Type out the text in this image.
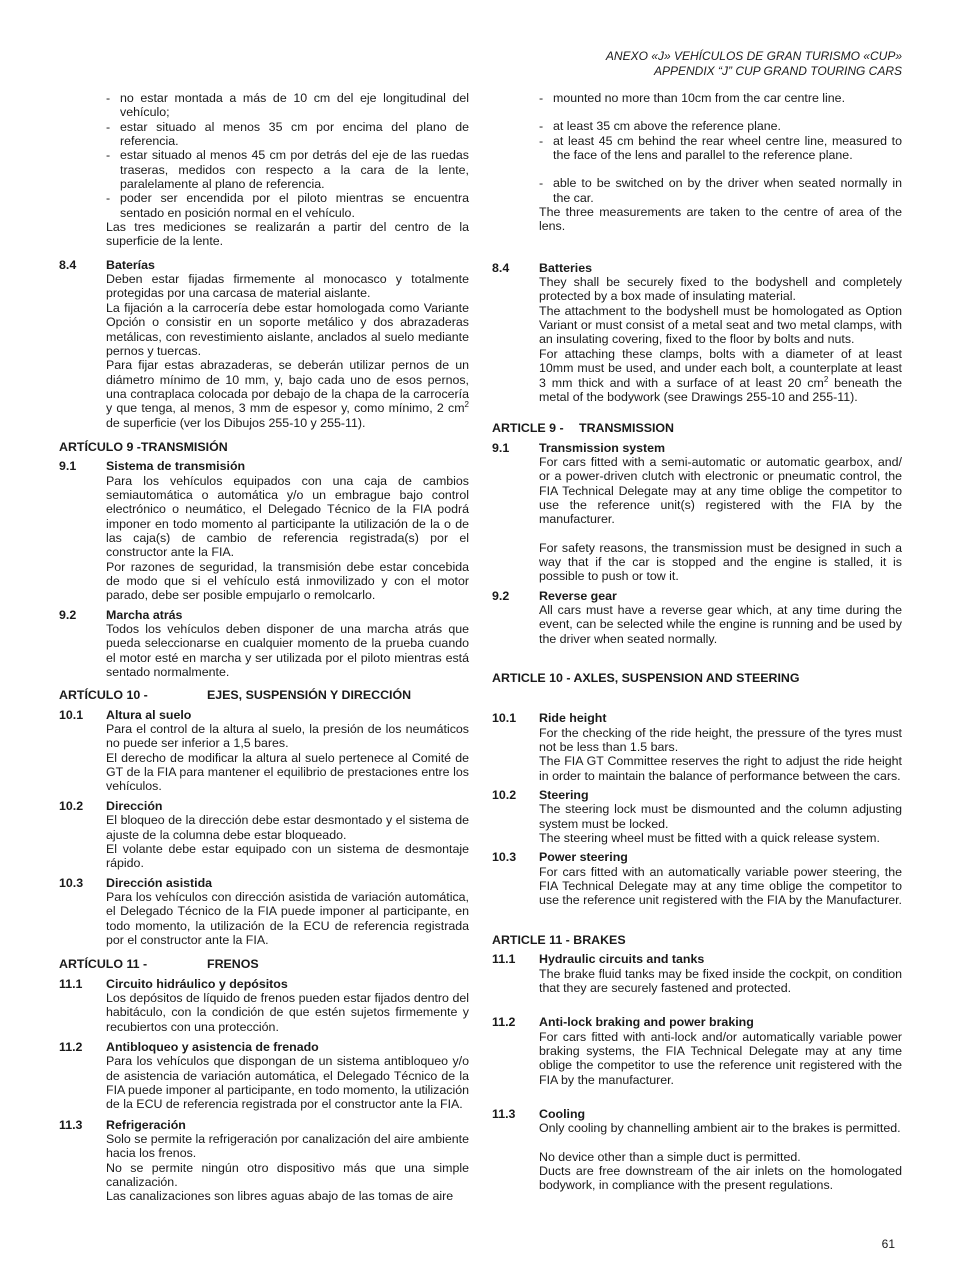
ANEXO «J» VEHÍCULOS DE GRAN TURISMO «CUP»
APPENDIX “J” CUP GRAND TOURING CARS
- no estar montada a más de 10 cm del eje longitudinal del vehículo;
- estar situado al menos 35 cm por encima del plano de referencia.
- estar situado al menos 45 cm por detrás del eje de las ruedas traseras, medidos con respecto a la cara de la lente, paralelamente al plano de referencia.
- poder ser encendida por el piloto mientras se encuentra sentado en posición normal en el vehículo.

Las tres mediciones se realizarán a partir del centro de la superficie de la lente.

8.4 Baterías

Deben estar fijadas firmemente al monocasco y totalmente protegidas por una carcasa de material aislante.

La fijación a la carrocería debe estar homologada como Variante Opción o consistir en un soporte metálico y dos abrazaderas metálicas, con revestimiento aislante, anclados al suelo mediante pernos y tuercas.

Para fijar estas abrazaderas, se deberán utilizar pernos de un diámetro mínimo de 10 mm, y, bajo cada uno de esos pernos, una contraplaca colocada por debajo de la chapa de la carrocería y que tenga, al menos, 3 mm de espesor y, como mínimo, 2 $cm^2$ de superficie (ver los Dibujos 255-10 y 255-11).

ARTÍCULO 9 -TRANSMISIÓN
9.1 Sistema de transmisión

Para los vehículos equipados con una caja de cambios semiautomática o automática y/o un embrague bajo control electrónico o neumático, el Delegado Técnico de la FIA podrá imponer en todo momento al participante la utilización de la o de las caja(s) de cambio de referencia registrada(s) por el constructor ante la FIA.

Por razones de seguridad, la transmisión debe estar concebida de modo que si el vehículo está inmovilizado y con el motor parado, debe ser posible empujarlo o remolcarlo.

9.2 Marcha atrás

Todos los vehículos deben disponer de una marcha atrás que pueda seleccionarse en cualquier momento de la prueba cuando el motor esté en marcha y ser utilizada por el piloto mientras está sentado normalmente.

ARTÍCULO 10 -	EJES, SUSPENSIÓN Y DIRECCIÓN
10.1 Altura al suelo

Para el control de la altura al suelo, la presión de los neumáticos no puede ser inferior a 1,5 bares.

El derecho de modificar la altura al suelo pertenece al Comité de GT de la FIA para mantener el equilibrio de prestaciones entre los vehículos.

10.2 Dirección

El bloqueo de la dirección debe estar desmontado y el sistema de ajuste de la columna debe estar bloqueado.

El volante debe estar equipado con un sistema de desmontaje rápido.

10.3 Dirección asistida

Para los vehículos con dirección asistida de variación automática, el Delegado Técnico de la FIA puede imponer al participante, en todo momento, la utilización de la ECU de referencia registrada por el constructor ante la FIA.

ARTÍCULO 11 -	FRENOS
11.1 Circuito hidráulico y depósitos

Los depósitos de líquido de frenos pueden estar fijados dentro del habitáculo, con la condición de que estén sujetos firmemente y recubiertos con una protección.

11.2 Antibloqueo y asistencia de frenado

Para los vehículos que dispongan de un sistema antibloqueo y/o de asistencia de variación automática, el Delegado Técnico de la FIA puede imponer al participante, en todo momento, la utilización de la ECU de referencia registrada por el constructor ante la FIA.

11.3 Refrigeración

Solo se permite la refrigeración por canalización del aire ambiente hacia los frenos.

No se permite ningún otro dispositivo más que una simple canalización.

Las canalizaciones son libres aguas abajo de las tomas de aire

- mounted no more than 10cm from the car centre line.
- at least 35 cm above the reference plane.
- at least 45 cm behind the rear wheel centre line, measured to the face of the lens and parallel to the reference plane.
- able to be switched on by the driver when seated normally in the car.

The three measurements are taken to the centre of area of the lens.

8.4 Batteries

They shall be securely fixed to the bodyshell and completely protected by a box made of insulating material.

The attachment to the bodyshell must be homologated as Option Variant or must consist of a metal seat and two metal clamps, with an insulating covering, fixed to the floor by bolts and nuts.

For attaching these clamps, bolts with a diameter of at least 10mm must be used, and under each bolt, a counterplate at least 3 mm thick and with a surface of at least 20 $cm^2$ beneath the metal of the bodywork (see Drawings 255-10 and 255-11).

ARTICLE 9 - TRANSMISSION
9.1 Transmission system

For cars fitted with a semi-automatic or automatic gearbox, and/ or a power-driven clutch with electronic or pneumatic control, the FIA Technical Delegate may at any time oblige the competitor to use the reference unit(s) registered with the FIA by the manufacturer.

For safety reasons, the transmission must be designed in such a way that if the car is stopped and the engine is stalled, it is possible to push or tow it.

9.2 Reverse gear

All cars must have a reverse gear which, at any time during the event, can be selected while the engine is running and be used by the driver when seated normally.

ARTICLE 10 - AXLES, SUSPENSION AND STEERING
10.1 Ride height

For the checking of the ride height, the pressure of the tyres must not be less than 1.5 bars.

The FIA GT Committee reserves the right to adjust the ride height in order to maintain the balance of performance between the cars.

10.2 Steering

The steering lock must be dismounted and the column adjusting system must be locked.

The steering wheel must be fitted with a quick release system.

10.3 Power steering

For cars fitted with an automatically variable power steering, the FIA Technical Delegate may at any time oblige the competitor to use the reference unit registered with the FIA by the Manufacturer.

ARTICLE 11 - BRAKES
11.1 Hydraulic circuits and tanks

The brake fluid tanks may be fixed inside the cockpit, on condition that they are securely fastened and protected.

11.2 Anti-lock braking and power braking

For cars fitted with anti-lock and/or automatically variable power braking systems, the FIA Technical Delegate may at any time oblige the competitor to use the reference unit registered with the FIA by the manufacturer.

11.3 Cooling

Only cooling by channelling ambient air to the brakes is permitted.

No device other than a simple duct is permitted.

Ducts are free downstream of the air inlets on the homologated bodywork, in compliance with the present regulations.

61
